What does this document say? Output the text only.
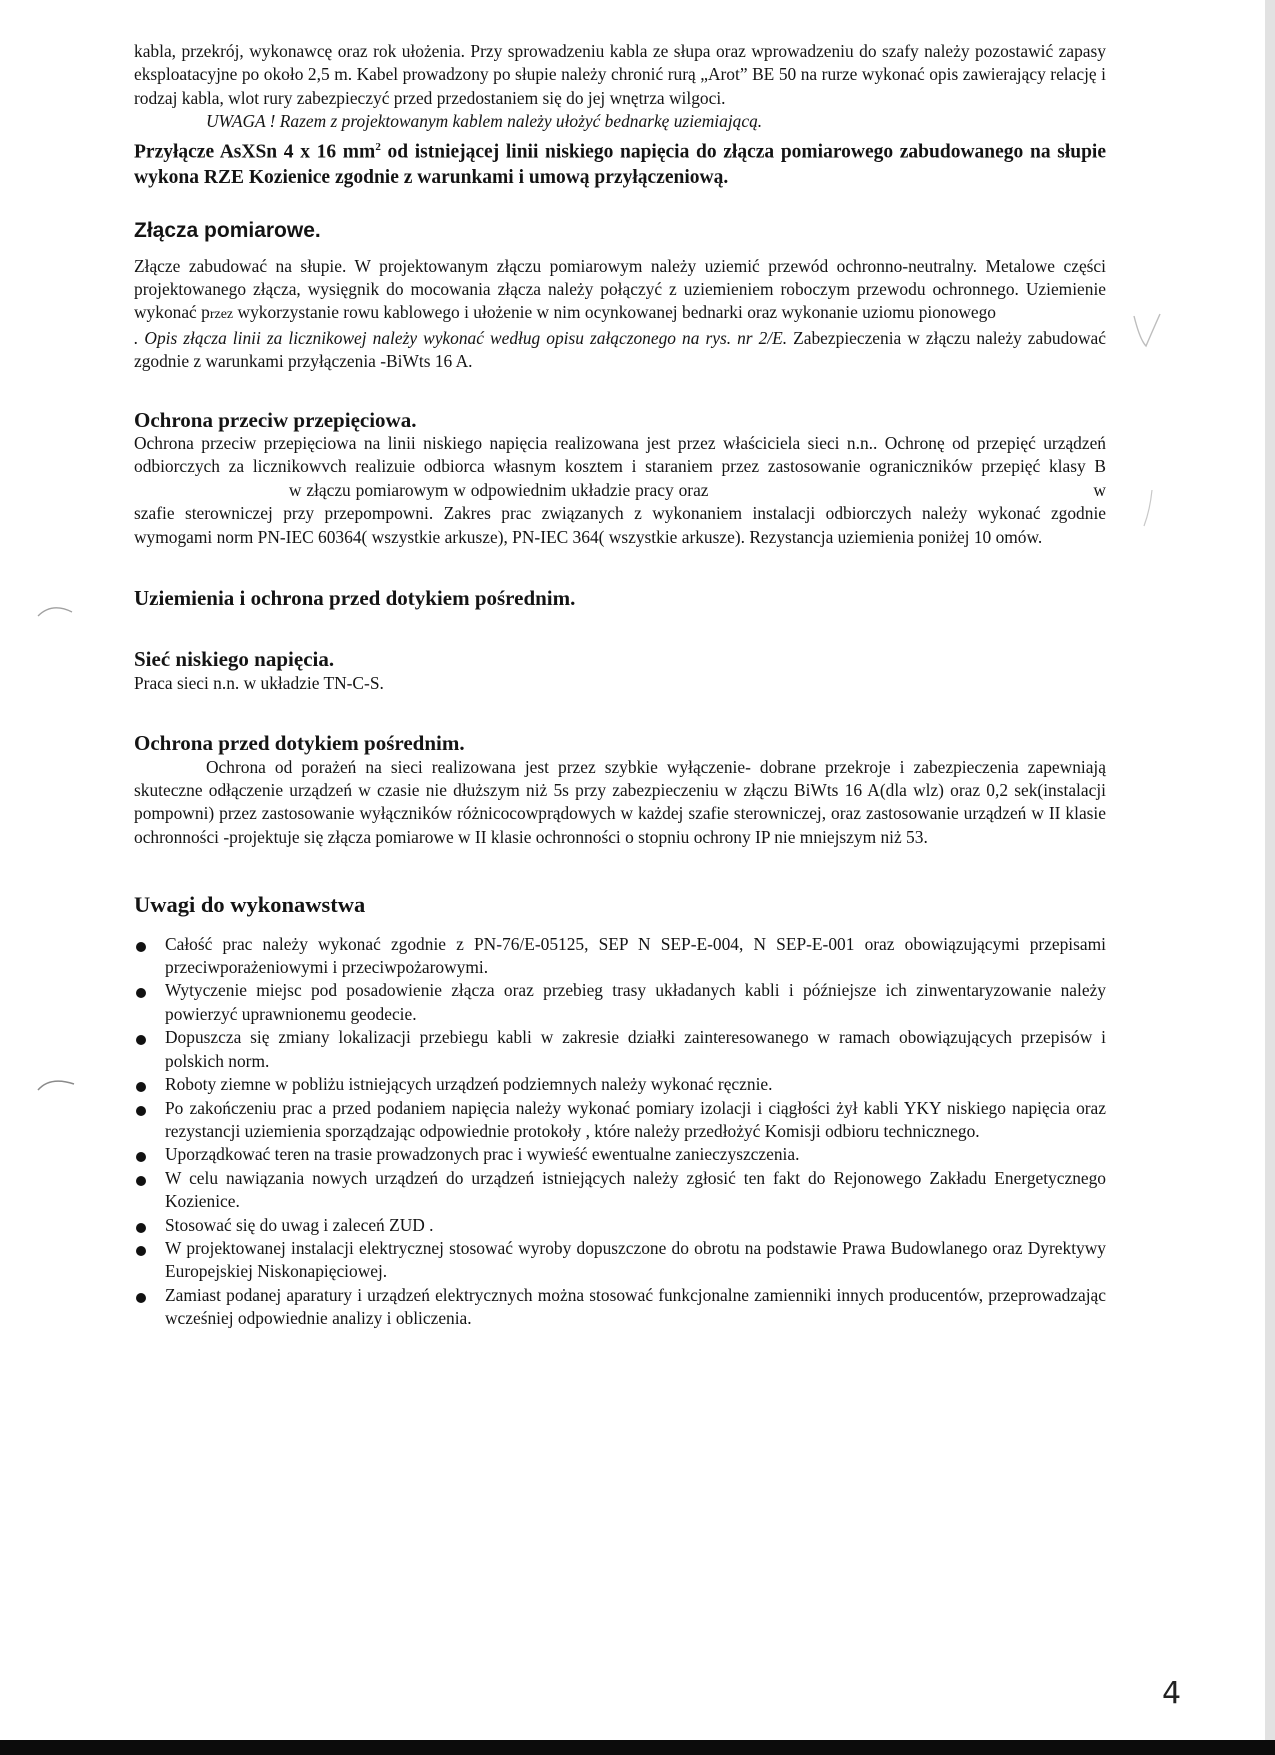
kabla, przekrój, wykonawcę oraz rok ułożenia. Przy sprowadzeniu kabla ze słupa oraz wprowadzeniu do szafy należy pozostawić zapasy eksploatacyjne po około 2,5 m. Kabel prowadzony po słupie należy chronić rurą „Arot” BE 50 na rurze wykonać opis zawierający relację i rodzaj kabla, wlot rury zabezpieczyć przed przedostaniem się do jej wnętrza wilgoci.

UWAGA ! Razem z projektowanym kablem należy ułożyć bednarkę uziemiającą.

Przyłącze AsXSn 4 x 16 $mm^2$ od istniejącej linii niskiego napięcia do złącza pomiarowego zabudowanego na słupie wykona RZE Kozienice zgodnie z warunkami i umową przyłączeniową.

Złącza pomiarowe.

Złącze zabudować na słupie. W projektowanym złączu pomiarowym należy uziemić przewód ochronno-neutralny. Metalowe części projektowanego złącza, wysięgnik do mocowania złącza należy połączyć z uziemieniem roboczym przewodu ochronnego. Uziemienie wykonać przez wykorzystanie rowu kablowego i ułożenie w nim ocynkowanej bednarki oraz wykonanie uziomu pionowego. Opis złącza linii za licznikowej należy wykonać według opisu załączonego na rys. nr 2/E. Zabezpieczenia w złączu należy zabudować zgodnie z warunkami przyłączenia -BiWts 16 A.

Ochrona przeciw przepięciowa.

Ochrona przeciw przepięciowa na linii niskiego napięcia realizowana jest przez właściciela sieci n.n.. Ochronę od przepięć urządzeń odbiorczych za licznikowvch realizuie odbiorca własnym kosztem i staraniem przez zastosowanie ograniczników przepięć klasy B w złączu pomiarowym w odpowiednim układzie pracy oraz	w szafie sterowniczej przy przepompowni. Zakres prac związanych z wykonaniem instalacji odbiorczych należy wykonać zgodnie wymogami norm PN-IEC 60364( wszystkie arkusze), PN-IEC 364( wszystkie arkusze). Rezystancja uziemienia poniżej 10 omów.

Uziemienia i ochrona przed dotykiem pośrednim.
Sieć niskiego napięcia.

Praca sieci n.n. w układzie TN-C-S.

Ochrona przed dotykiem pośrednim.

Ochrona od porażeń na sieci realizowana jest przez szybkie wyłączenie- dobrane przekroje i zabezpieczenia zapewniają skuteczne odłączenie urządzeń w czasie nie dłuższym niż 5s przy zabezpieczeniu w złączu BiWts 16 A(dla wlz) oraz 0,2 sek(instalacji pompowni) przez zastosowanie wyłączników różnicocowprądowych w każdej szafie sterowniczej, oraz zastosowanie urządzeń w II klasie ochronności -projektuje się złącza pomiarowe w II klasie ochronności o stopniu ochrony IP nie mniejszym niż 53.

Uwagi do wykonawstwa
Całość prac należy wykonać zgodnie z PN-76/E-05125, SEP N SEP-E-004, N SEP-E-001 oraz obowiązującymi przepisami przeciwporażeniowymi i przeciwpożarowymi.
Wytyczenie miejsc pod posadowienie złącza oraz przebieg trasy układanych kabli i późniejsze ich zinwentaryzowanie należy powierzyć uprawnionemu geodecie.
Dopuszcza się zmiany lokalizacji przebiegu kabli w zakresie działki zainteresowanego w ramach obowiązujących przepisów i polskich norm.
Roboty ziemne w pobliżu istniejących urządzeń podziemnych należy wykonać ręcznie.
Po zakończeniu prac a przed podaniem napięcia należy wykonać pomiary izolacji i ciągłości żył kabli YKY niskiego napięcia oraz rezystancji uziemienia sporządzając odpowiednie protokoły , które należy przedłożyć Komisji odbioru technicznego.
Uporządkować teren na trasie prowadzonych prac i wywieść ewentualne zanieczyszczenia.
W celu nawiązania nowych urządzeń do urządzeń istniejących należy zgłosić ten fakt do Rejonowego Zakładu Energetycznego Kozienice.
Stosować się do uwag i zaleceń ZUD .
W projektowanej instalacji elektrycznej stosować wyroby dopuszczone do obrotu na podstawie Prawa Budowlanego oraz Dyrektywy Europejskiej Niskonapięciowej.
Zamiast podanej aparatury i urządzeń elektrycznych można stosować funkcjonalne zamienniki innych producentów, przeprowadzając wcześniej odpowiednie analizy i obliczenia.
4
